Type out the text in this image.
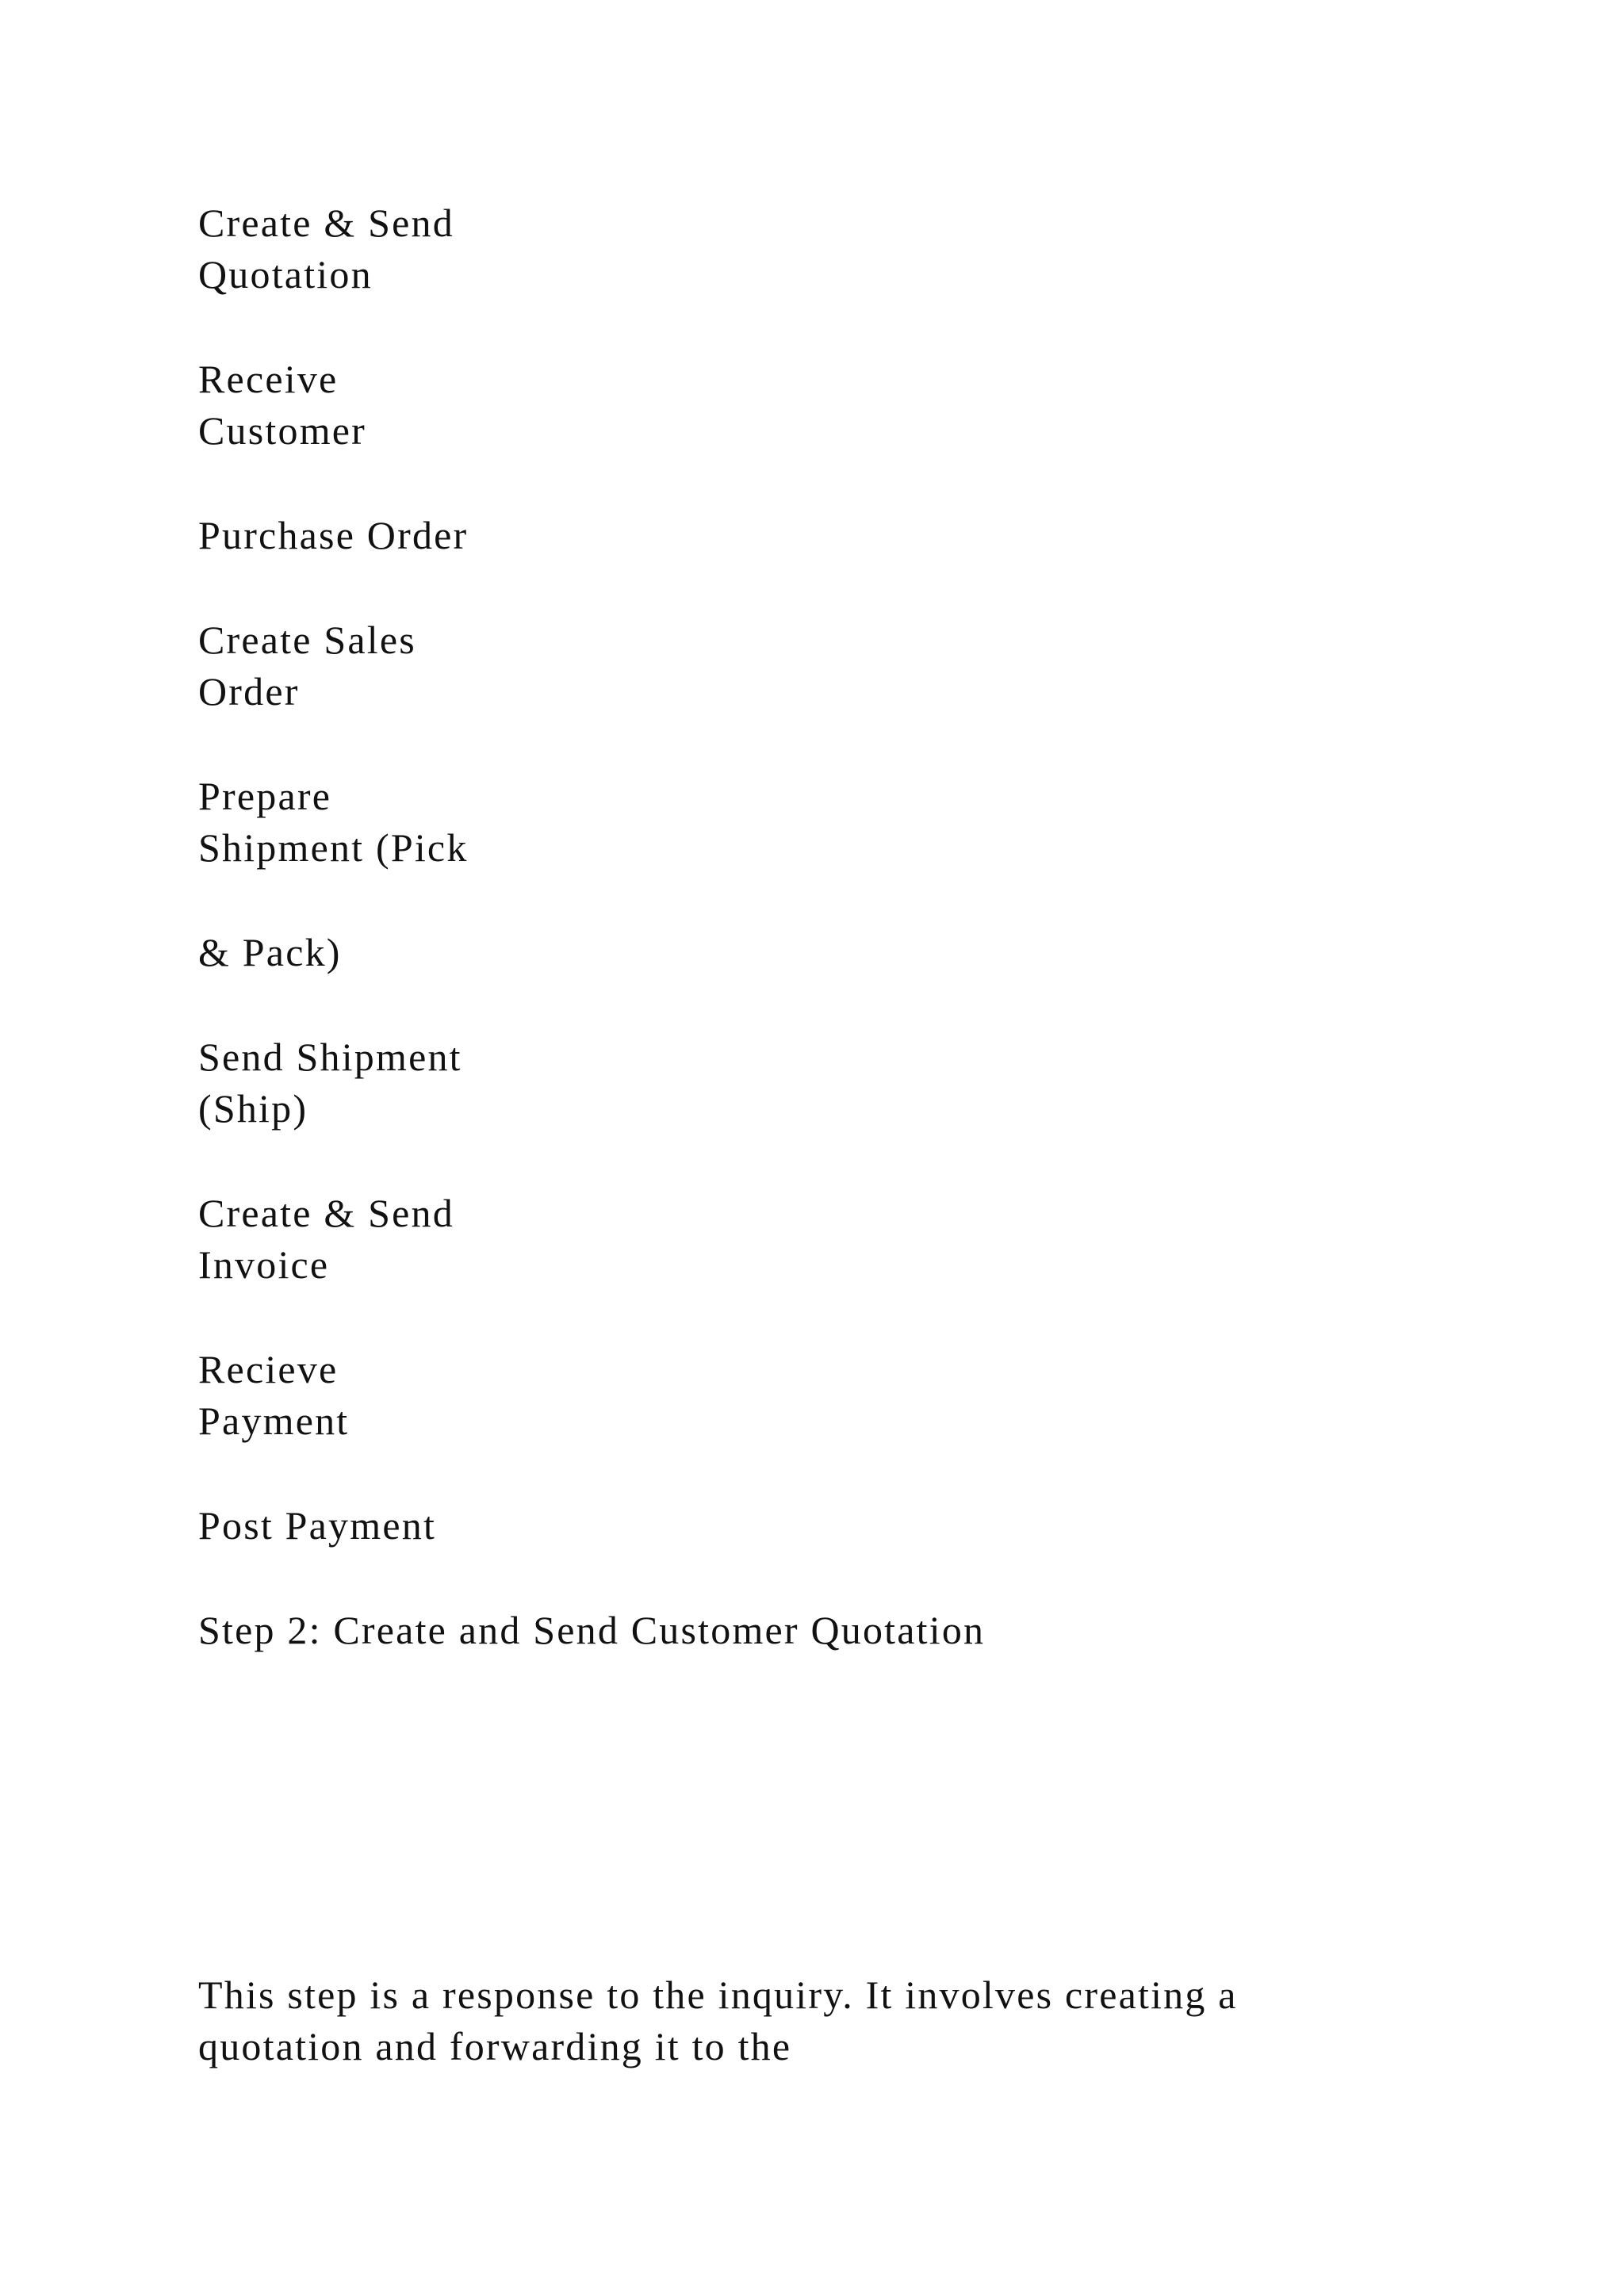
Create & Send
Quotation
Receive
Customer
Purchase Order
Create Sales
Order
Prepare
Shipment (Pick
& Pack)
Send Shipment
(Ship)
Create & Send
Invoice
Recieve
Payment
Post Payment
Step 2: Create and Send Customer Quotation
This step is a response to the inquiry. It involves creating a
quotation and forwarding it to the
